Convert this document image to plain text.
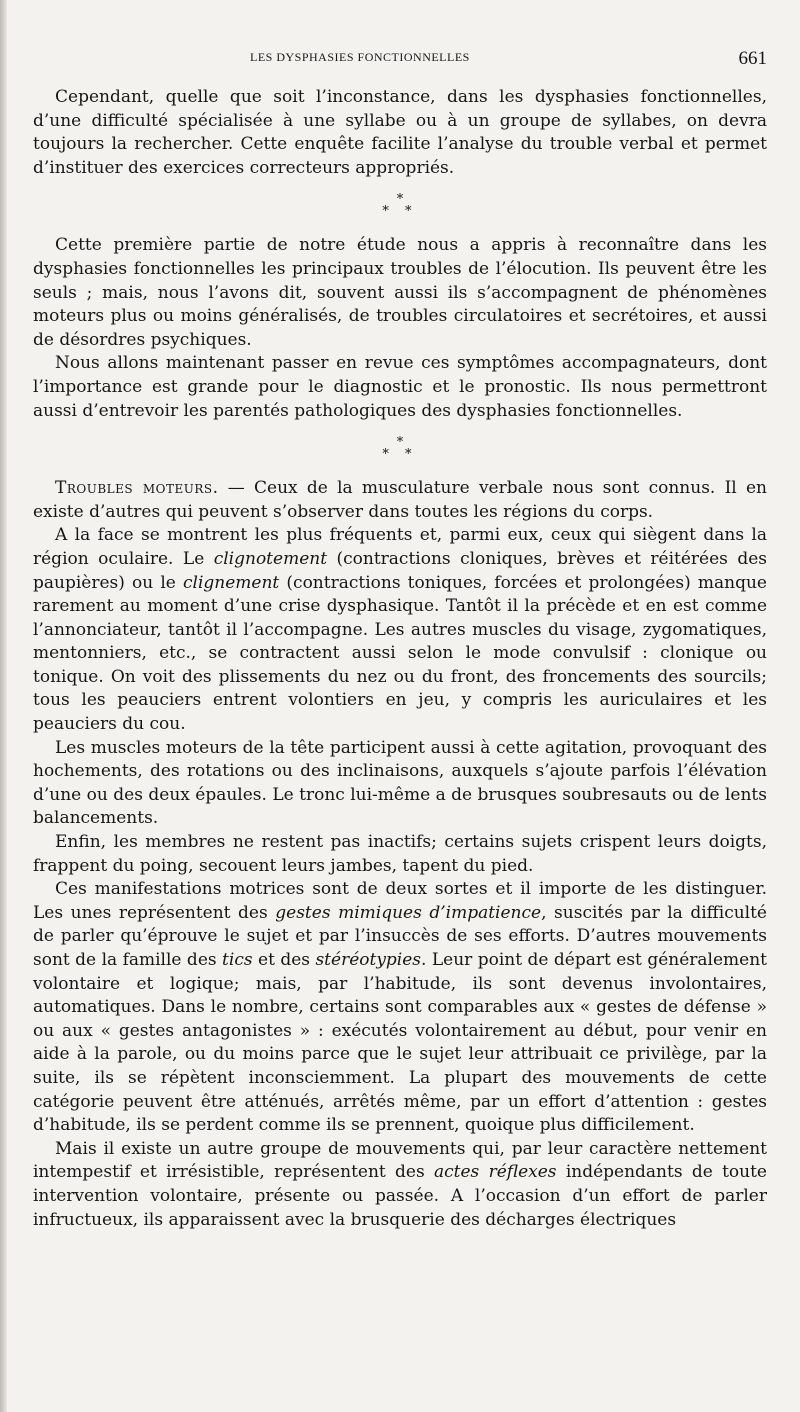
LES DYSPHASIES FONCTIONNELLES	661

Cependant, quelle que soit l’inconstance, dans les dysphasies fonctionnelles, d’une difficulté spécialisée à une syllabe ou à un groupe de syllabes, on devra toujours la rechercher. Cette enquête facilite l’analyse du trouble verbal et permet d’instituer des exercices correcteurs appropriés.

*
* *

Cette première partie de notre étude nous a appris à reconnaître dans les dysphasies fonctionnelles les principaux troubles de l’élocution. Ils peuvent être les seuls ; mais, nous l’avons dit, souvent aussi ils s’accompagnent de phénomènes moteurs plus ou moins généralisés, de troubles circulatoires et secrétoires, et aussi de désordres psychiques.

Nous allons maintenant passer en revue ces symptômes accompagnateurs, dont l’importance est grande pour le diagnostic et le pronostic. Ils nous permettront aussi d’entrevoir les parentés pathologiques des dysphasies fonctionnelles.

*
* *

Troubles moteurs. — Ceux de la musculature verbale nous sont connus. Il en existe d’autres qui peuvent s’observer dans toutes les régions du corps.

A la face se montrent les plus fréquents et, parmi eux, ceux qui siègent dans la région oculaire. Le clignotement (contractions cloniques, brèves et réitérées des paupières) ou le clignement (contractions toniques, forcées et prolongées) manque rarement au moment d’une crise dysphasique. Tantôt il la précède et en est comme l’annonciateur, tantôt il l’accompagne. Les autres muscles du visage, zygomatiques, mentonniers, etc., se contractent aussi selon le mode convulsif : clonique ou tonique. On voit des plissements du nez ou du front, des froncements des sourcils; tous les peauciers entrent volontiers en jeu, y compris les auriculaires et les peauciers du cou.

Les muscles moteurs de la tête participent aussi à cette agitation, provoquant des hochements, des rotations ou des inclinaisons, auxquels s’ajoute parfois l’élévation d’une ou des deux épaules. Le tronc lui-même a de brusques soubresauts ou de lents balancements.

Enfin, les membres ne restent pas inactifs; certains sujets crispent leurs doigts, frappent du poing, secouent leurs jambes, tapent du pied.

Ces manifestations motrices sont de deux sortes et il importe de les distinguer. Les unes représentent des gestes mimiques d’impatience, suscités par la difficulté de parler qu’éprouve le sujet et par l’insuccès de ses efforts. D’autres mouvements sont de la famille des tics et des stéréotypies. Leur point de départ est généralement volontaire et logique; mais, par l’habitude, ils sont devenus involontaires, automatiques. Dans le nombre, certains sont comparables aux « gestes de défense » ou aux « gestes antagonistes » : exécutés volontairement au début, pour venir en aide à la parole, ou du moins parce que le sujet leur attribuait ce privilège, par la suite, ils se répètent inconsciemment. La plupart des mouvements de cette catégorie peuvent être atténués, arrêtés même, par un effort d’attention : gestes d’habitude, ils se perdent comme ils se prennent, quoique plus difficilement.

Mais il existe un autre groupe de mouvements qui, par leur caractère nettement intempestif et irrésistible, représentent des actes réflexes indépendants de toute intervention volontaire, présente ou passée. A l’occasion d’un effort de parler infructueux, ils apparaissent avec la brusquerie des décharges électriques
